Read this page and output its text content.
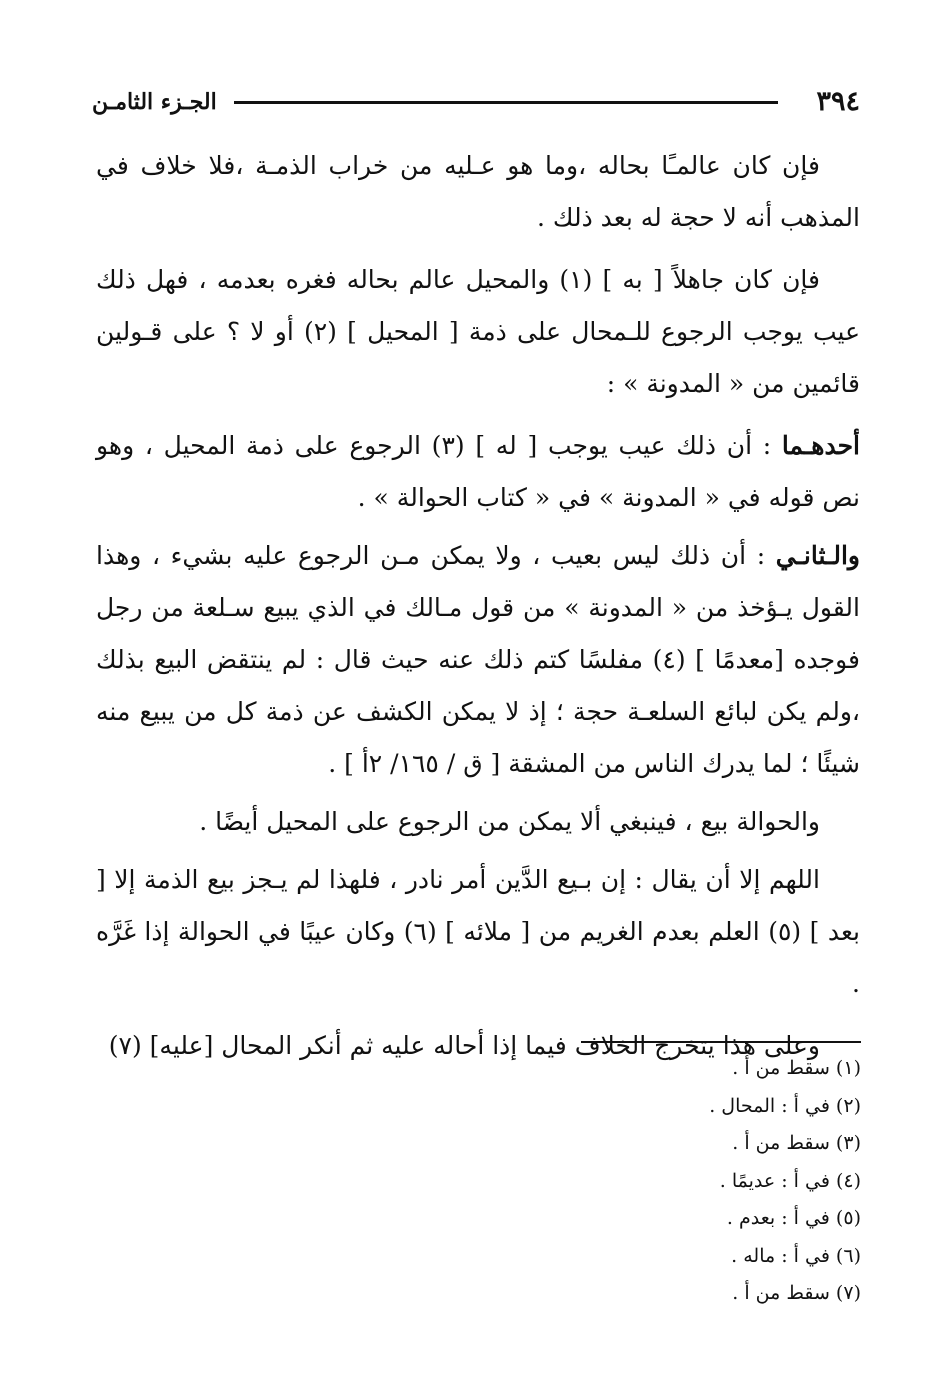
٣٩٤
الجـزء الثامـن

فإن كان عالمـًا بحاله ،وما هو عـليه من خراب الذمـة ،فلا خلاف في المذهب أنه لا حجة له بعد ذلك .

فإن كان جاهلاً [ به ] (١) والمحيل عالم بحاله فغره بعدمه ، فهل ذلك عيب يوجب الرجوع للـمحال على ذمة [ المحيل ] (٢) أو لا ؟ على قـولين قائمين من « المدونة » :

أحدهـما : أن ذلك عيب يوجب [ له ] (٣) الرجوع على ذمة المحيل ، وهو نص قوله في « المدونة » في « كتاب الحوالة » .

والـثانـي : أن ذلك ليس بعيب ، ولا يمكن مـن الرجوع عليه بشيء ، وهذا القول يـؤخذ من « المدونة » من قول مـالك في الذي يبيع سـلعة من رجل فوجده [معدمًا ] (٤) مفلسًا كتم ذلك عنه حيث قال : لم ينتقض البيع بذلك ،ولم يكن لبائع السلعـة حجة ؛ إذ لا يمكن الكشف عن ذمة كل من يبيع منه شيئًا ؛ لما يدرك الناس من المشقة [ ق / ١٦٥/ ٢أ ] .

والحوالة بيع ، فينبغي ألا يمكن من الرجوع على المحيل أيضًا .

اللهم إلا أن يقال : إن بـيع الدَّين أمر نادر ، فلهذا لم يـجز بيع الذمة إلا [ بعد ] (٥) العلم بعدم الغريم من [ ملائه ] (٦) وكان عيبًا في الحوالة إذا غَرَّه .

وعلى هذا يتخرج الخلاف فيما إذا أحاله عليه ثم أنكر المحال [عليه] (٧)

(١) سقط من أ .
(٢) في أ : المحال .
(٣) سقط من أ .
(٤) في أ : عديمًا .
(٥) في أ : بعدم .
(٦) في أ : ماله .
(٧) سقط من أ .
